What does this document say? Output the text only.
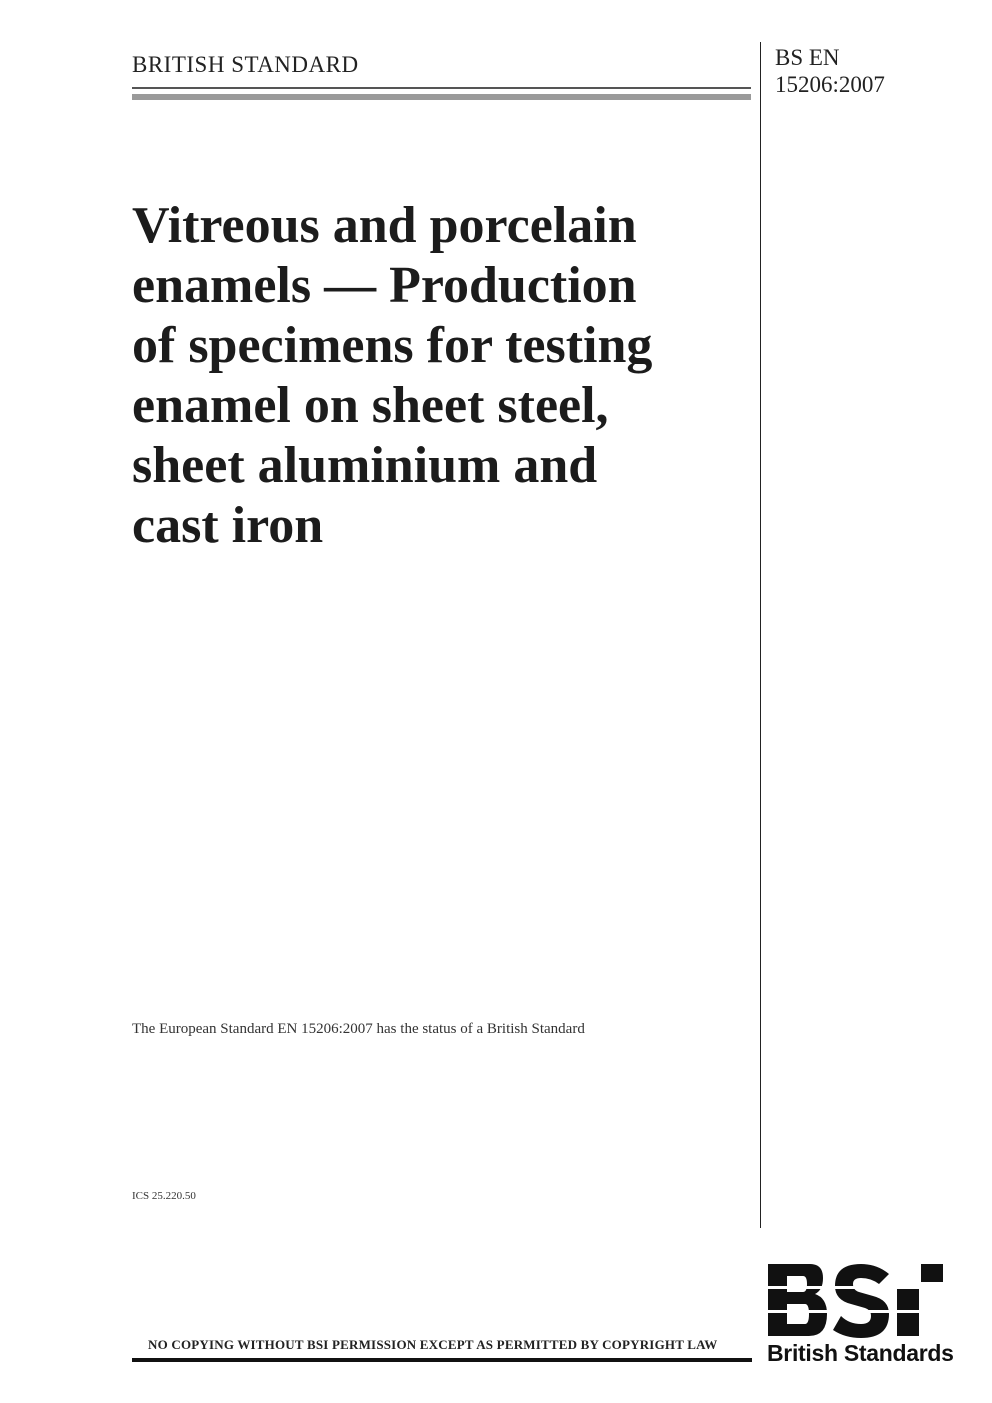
BRITISH STANDARD	BS EN
15206:2007
Vitreous and porcelain
enamels — Production
of specimens for testing
enamel on sheet steel,
sheet aluminium and
cast iron
The European Standard EN 15206:2007 has the status of a British Standard
ICS 25.220.50
NO COPYING WITHOUT BSI PERMISSION EXCEPT AS PERMITTED BY COPYRIGHT LAW British Standards
